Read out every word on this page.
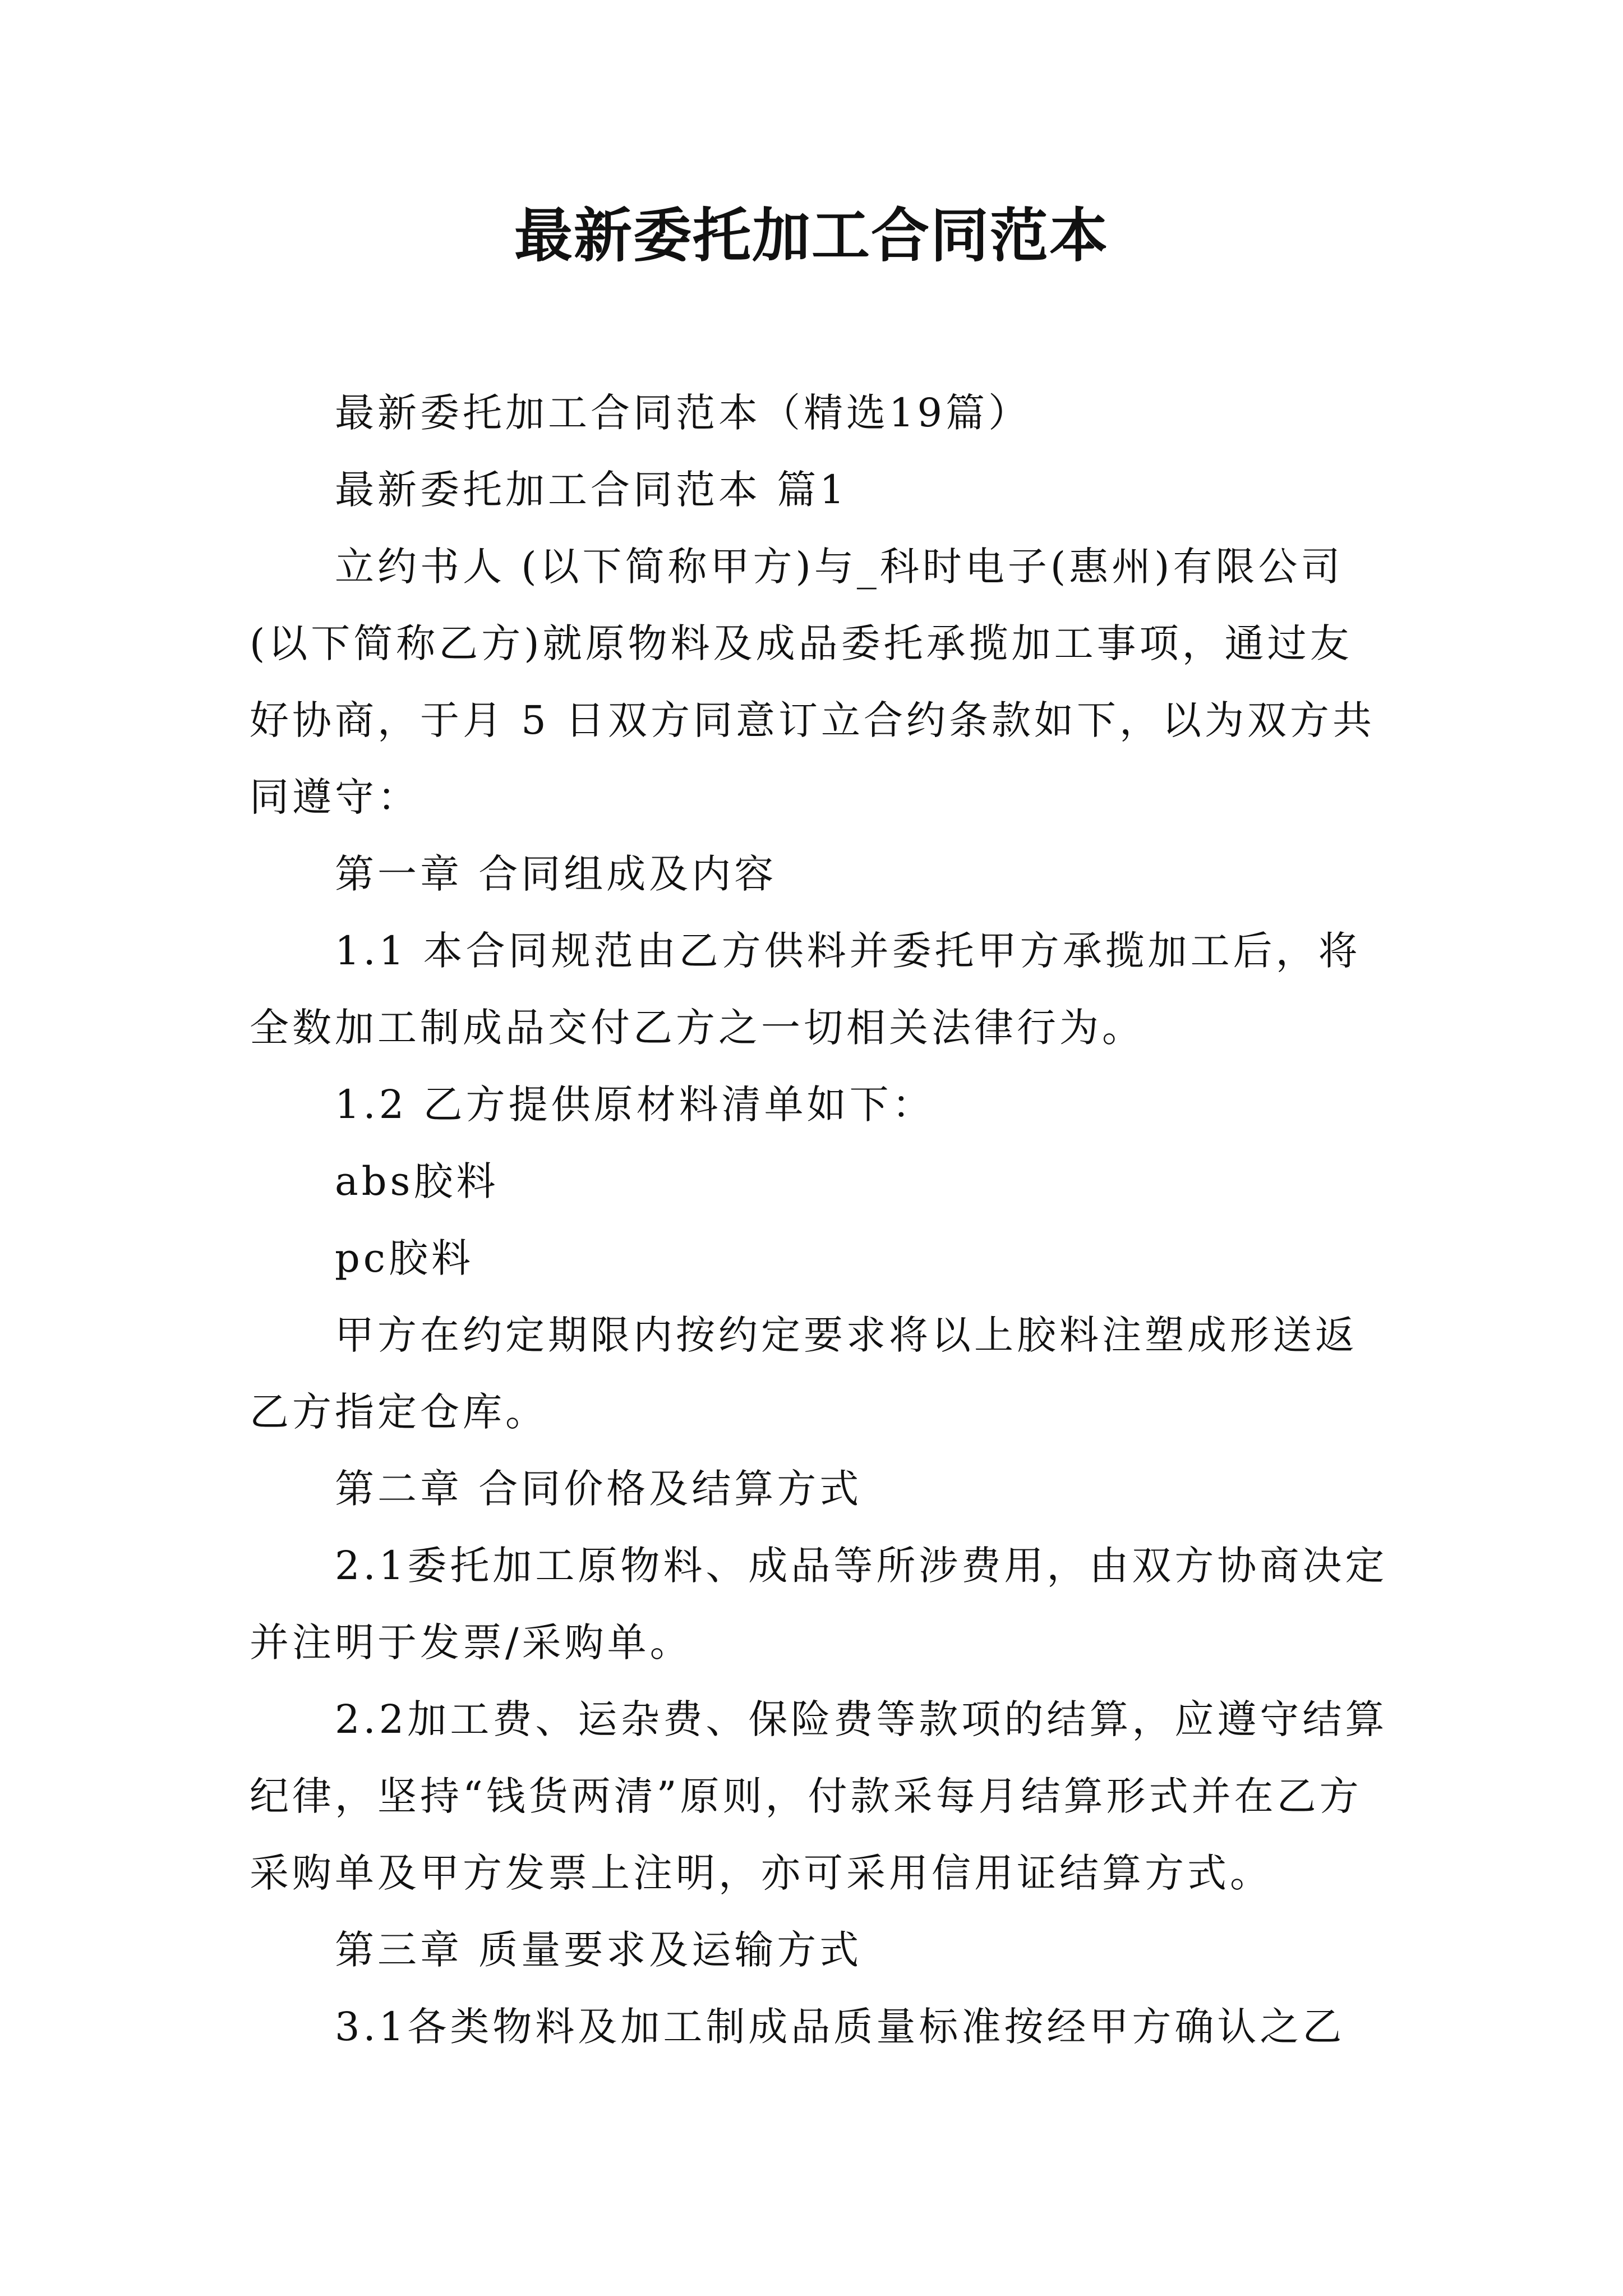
最新委托加工合同范本

最新委托加工合同范本（精选19篇）

最新委托加工合同范本 篇1

立约书人 (以下简称甲方)与_科时电子(惠州)有限公司(以下简称乙方)就原物料及成品委托承揽加工事项，通过友好协商，于月 5 日双方同意订立合约条款如下，以为双方共同遵守：

第一章 合同组成及内容

1.1 本合同规范由乙方供料并委托甲方承揽加工后，将全数加工制成品交付乙方之一切相关法律行为。

1.2 乙方提供原材料清单如下：

abs胶料

pc胶料

甲方在约定期限内按约定要求将以上胶料注塑成形送返乙方指定仓库。

第二章 合同价格及结算方式

2.1委托加工原物料、成品等所涉费用，由双方协商决定并注明于发票/采购单。

2.2加工费、运杂费、保险费等款项的结算，应遵守结算纪律，坚持“钱货两清”原则，付款采每月结算形式并在乙方采购单及甲方发票上注明，亦可采用信用证结算方式。

第三章 质量要求及运输方式

3.1各类物料及加工制成品质量标准按经甲方确认之乙
